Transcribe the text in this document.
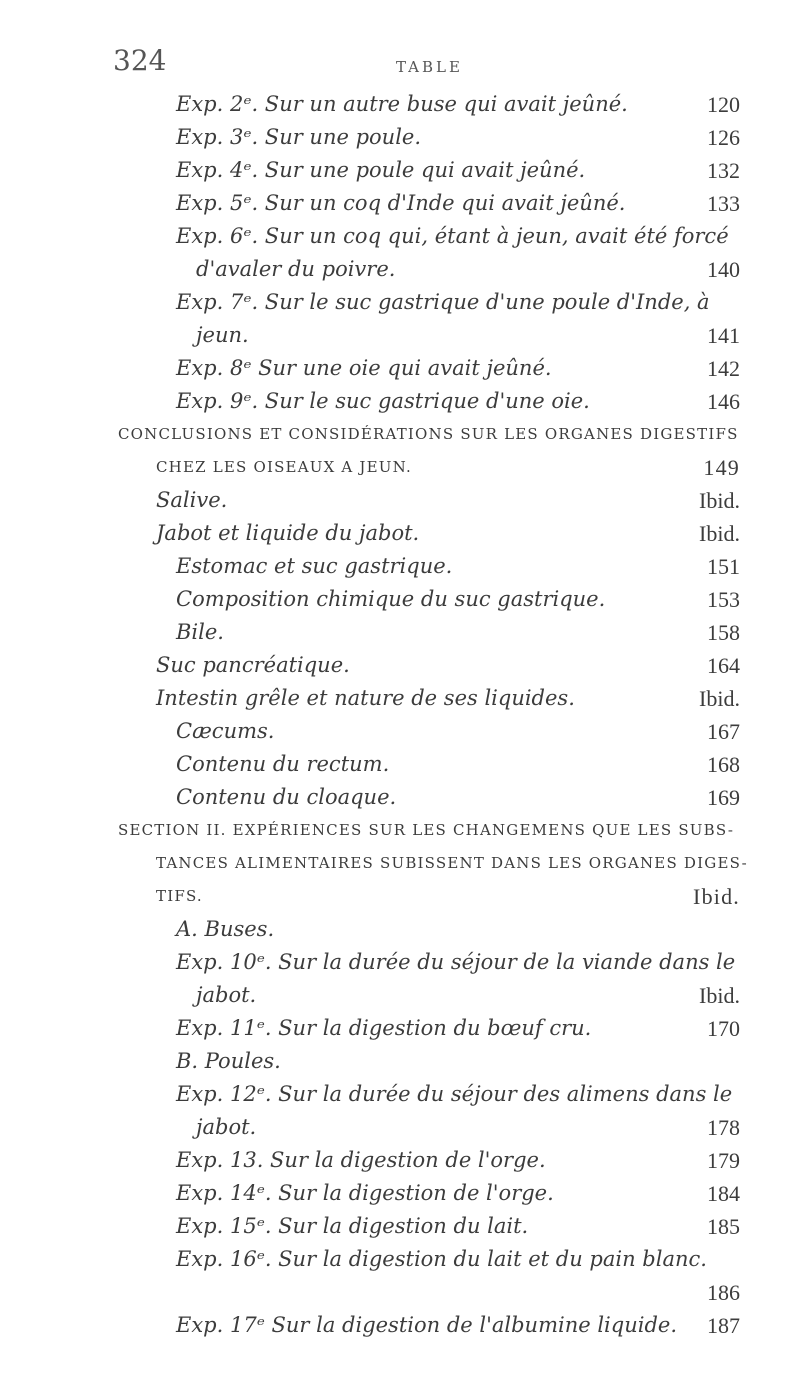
324	TABLE
Exp. 2ᵉ. Sur un autre buse qui avait jeûné.	120
Exp. 3ᵉ. Sur une poule.	126
Exp. 4ᵉ. Sur une poule qui avait jeûné.	132
Exp. 5ᵉ. Sur un coq d'Inde qui avait jeûné.	133
Exp. 6ᵉ. Sur un coq qui, étant à jeun, avait été forcé
d'avaler du poivre.	140
Exp. 7ᵉ. Sur le suc gastrique d'une poule d'Inde, à
jeun.	141
Exp. 8ᵉ Sur une oie qui avait jeûné.	142
Exp. 9ᵉ. Sur le suc gastrique d'une oie.	146
CONCLUSIONS ET CONSIDÉRATIONS SUR LES ORGANES DIGESTIFS
CHEZ LES OISEAUX A JEUN.	149
Salive.	Ibid.
Jabot et liquide du jabot.	Ibid.
Estomac et suc gastrique.	151
Composition chimique du suc gastrique.	153
Bile.	158
Suc pancréatique.	164
Intestin grêle et nature de ses liquides.	Ibid.
Cæcums.	167
Contenu du rectum.	168
Contenu du cloaque.	169
SECTION II. EXPÉRIENCES SUR LES CHANGEMENS QUE LES SUBS-
TANCES ALIMENTAIRES SUBISSENT DANS LES ORGANES DIGES-
TIFS.	Ibid.
A. Buses.
Exp. 10ᵉ. Sur la durée du séjour de la viande dans le
jabot.	Ibid.
Exp. 11ᵉ. Sur la digestion du bœuf cru.	170
B. Poules.
Exp. 12ᵉ. Sur la durée du séjour des alimens dans le
jabot.	178
Exp. 13. Sur la digestion de l'orge.	179
Exp. 14ᵉ. Sur la digestion de l'orge.	184
Exp. 15ᵉ. Sur la digestion du lait.	185
Exp. 16ᵉ. Sur la digestion du lait et du pain blanc.
186
Exp. 17ᵉ Sur la digestion de l'albumine liquide. 187
